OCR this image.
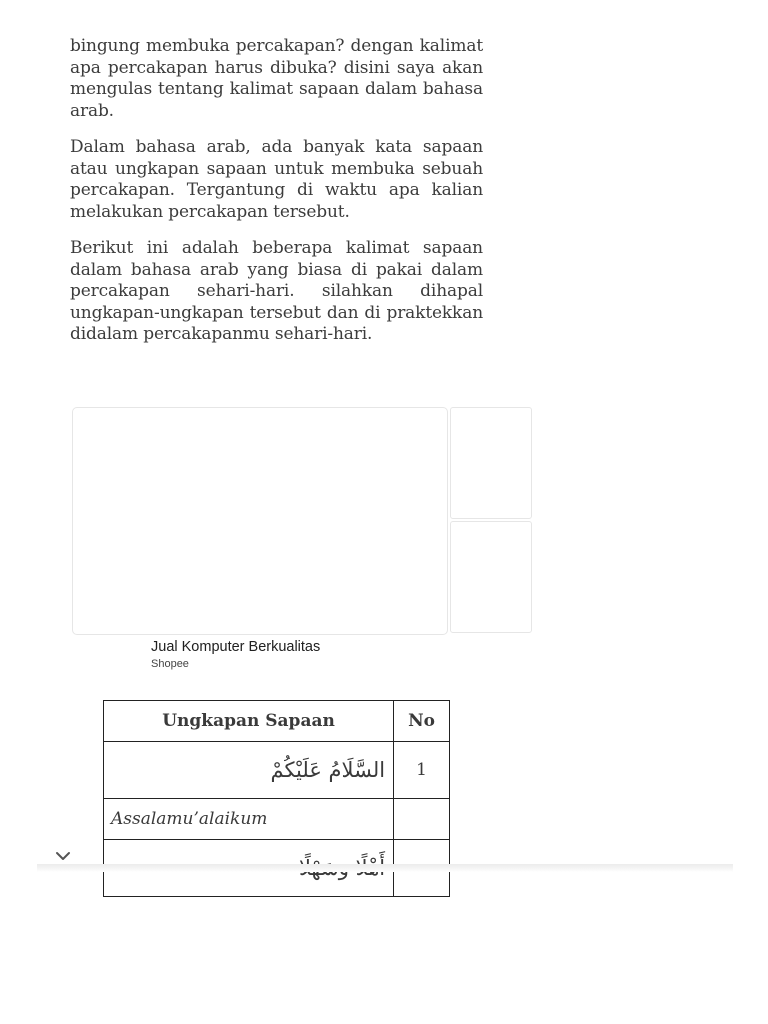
bingung membuka percakapan? dengan kalimat apa percakapan harus dibuka? disini saya akan mengulas tentang kalimat sapaan dalam bahasa arab.

Dalam bahasa arab, ada banyak kata sapaan atau ungkapan sapaan untuk membuka sebuah percakapan. Tergantung di waktu apa kalian melakukan percakapan tersebut.

Berikut ini adalah beberapa kalimat sapaan dalam bahasa arab yang biasa di pakai dalam percakapan sehari-hari. silahkan dihapal ungkapan-ungkapan tersebut dan di praktekkan didalam percakapanmu sehari-hari.

Jual Komputer Berkualitas
Shopee
Ungkapan Sapaan	No
السَّلَامُ عَلَيْكُمْ	1
Assalamu’alaikum	
